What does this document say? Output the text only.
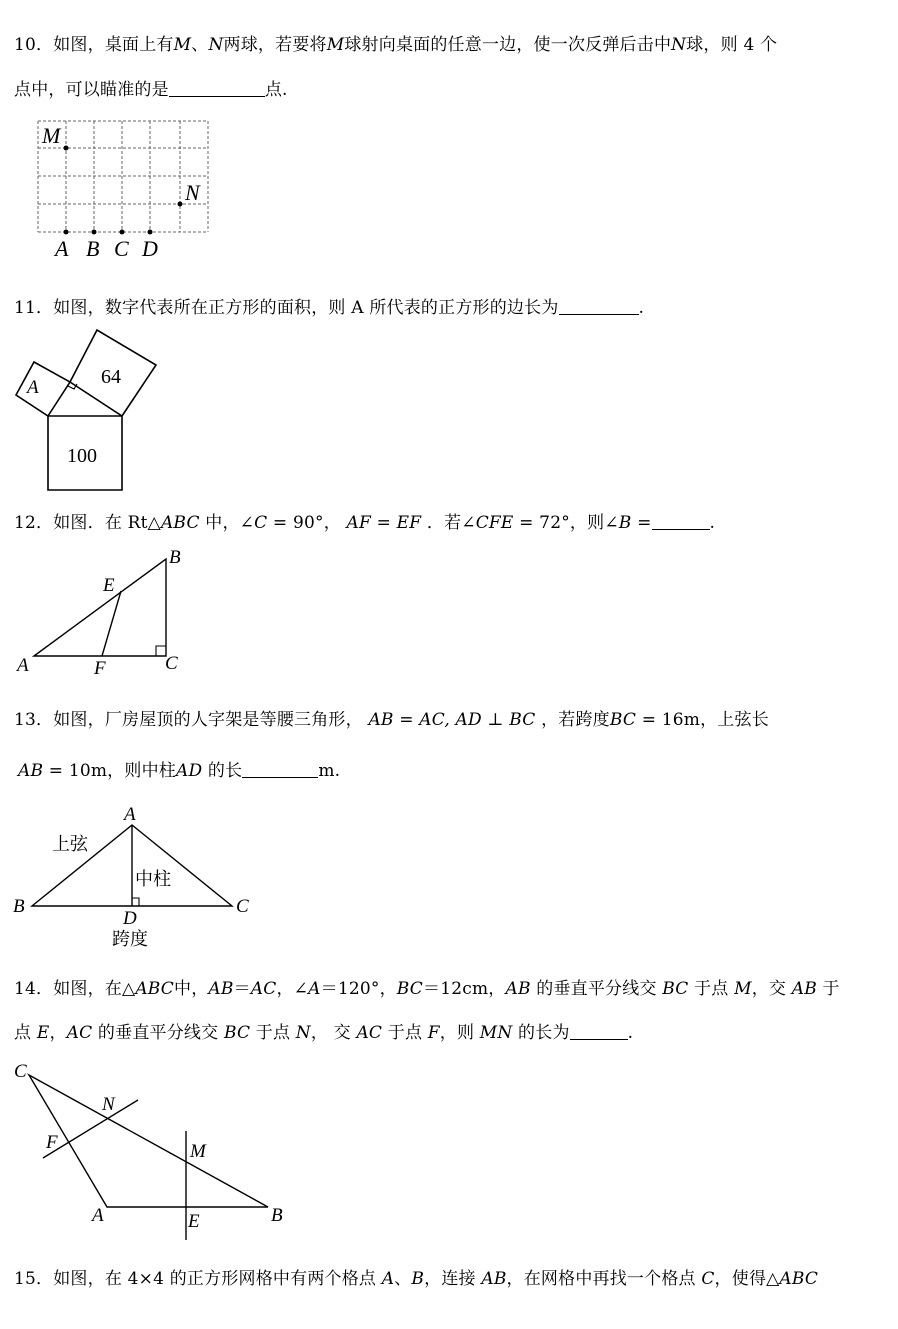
10．如图，桌面上有M、N两球，若要将M球射向桌面的任意一边，使一次反弹后击中N球，则 4 个
点中，可以瞄准的是	点.
M
N
A B C D
11．如图，数字代表所在正方形的面积，则 A 所代表的正方形的边长为	.
A	64
100
12．如图．在 Rt△ABC 中，∠C = 90°， AF = EF ．若∠CFE = 72°，则∠B =	.
A
B
C
E
F
13．如图，厂房屋顶的人字架是等腰三角形， AB = AC, AD ⊥ BC ，若跨度BC = 16m，上弦长
AB = 10m，则中柱AD 的长	m.
A
B	C
D
上弦
中柱
跨度
14．如图，在△ABC中，AB＝AC，∠A＝120°，BC＝12cm，AB 的垂直平分线交 BC 于点 M，交 AB 于
点 E，AC 的垂直平分线交 BC 于点 N， 交 AC 于点 F，则 MN 的长为	.
C
N
F	M
A	E	B
15．如图，在 4×4 的正方形网格中有两个格点 A、B，连接 AB，在网格中再找一个格点 C，使得△ABC
